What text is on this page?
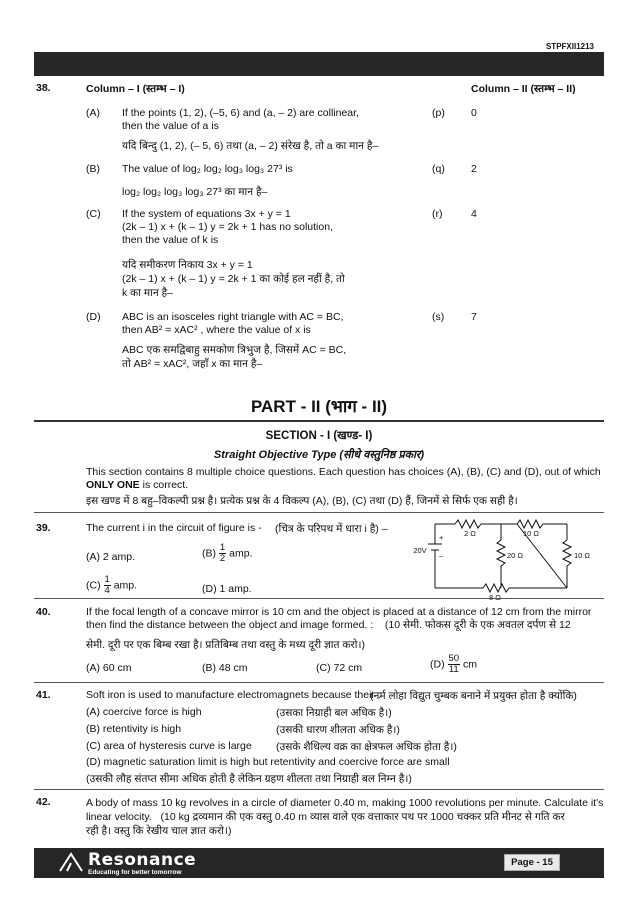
STPFXII1213
38.	Column – I (स्तम्भ – I)	Column – II (स्तम्भ – II)
(A) If the points (1, 2), (–5, 6) and (a, – 2) are collinear,
then the value of a is
यदि बिन्दु (1, 2), (– 5, 6) तथा (a, – 2) संरेख है, तो a का मान है–
(p) 0
(B) The value of log₂ log₂ log₃ log₃ 27³ is
log₂ log₂ log₃ log₃ 27³ का मान है–
(q) 2
(C) If the system of equations 3x + y = 1
(2k – 1) x + (k – 1) y = 2k + 1 has no solution,
then the value of k is
यदि समीकरण निकाय 3x + y = 1
(2k – 1) x + (k – 1) y = 2k + 1 का कोई हल नहीं है, तो
k का मान है–
(r)	4
(D) ABC is an isosceles right triangle with AC = BC,
then AB² = xAC² , where the value of x is
ABC एक समद्विबाहु समकोण त्रिभुज है, जिसमें AC = BC,
तो AB² = xAC², जहाँ x का मान है–
(s)	7
PART - II (भाग - II)
SECTION - I (खण्ड- I)
Straight Objective Type (सीधे वस्तुनिष्ठ प्रकार)
This section contains 8 multiple choice questions. Each question has choices (A), (B), (C) and (D), out of which
ONLY ONE is correct.
इस खण्ड में 8 बहु–विकल्पी प्रश्न है। प्रत्येक प्रश्न के 4 विकल्प (A), (B), (C) तथा (D) हैं, जिनमें से सिर्फ एक सही है।
39.	The current i in the circuit of figure is - (चित्र के परिपथ में धारा i है) –
(A) 2 amp.	$(B) \frac{1}{2}$ amp.
$(C) \frac{1}{4}$ amp.	(D) 1 amp.
2 Ω	10 Ω
20 Ω	10 Ω
8 Ω
20V
+
–
40.	If the focal length of a concave mirror is 10 cm and the object is placed at a distance of 12 cm from the mirror
then find the distance between the object and image formed. : (10 सेमी. फोकस दूरी के एक अवतल दर्पण से 12
सेमी. दूरी पर एक बिम्ब रखा है। प्रतिबिम्ब तथा वस्तु के मध्य दूरी ज्ञात करो।)
(A) 60 cm	(B) 48 cm	(C) 72 cm	$(D) \frac{50}{11}$ cm
41.	Soft iron is used to manufacture electromagnets because their :
(नर्म लोहा विद्युत चुम्बक बनाने में प्रयुक्त होता है क्योंकि)
(A) coercive force is high	(उसका निग्राही बल अधिक है।)
(B) retentivity is high	(उसकी धारण शीलता अधिक है।)
(C) area of hysteresis curve is large (उसके शैथिल्य वक्र का क्षेत्रफल अधिक होता है।)
(D) magnetic saturation limit is high but retentivity and coercive force are small
(उसकी लौह संतप्त सीमा अधिक होती है लेकिन ग्रहण शीलता तथा निग्राही बल निम्न है।)
42.	A body of mass 10 kg revolves in a circle of diameter 0.40 m, making 1000 revolutions per minute. Calculate it's
linear velocity. (10 kg द्रव्यमान की एक वस्तु 0.40 m व्यास वाले एक वत्ताकार पथ पर 1000 चक्कर प्रति मीनट से गति कर
रही है। वस्तु कि रेखीय चाल ज्ञात करो।)
Resonance
Educating for better tomorrow
Page - 15
